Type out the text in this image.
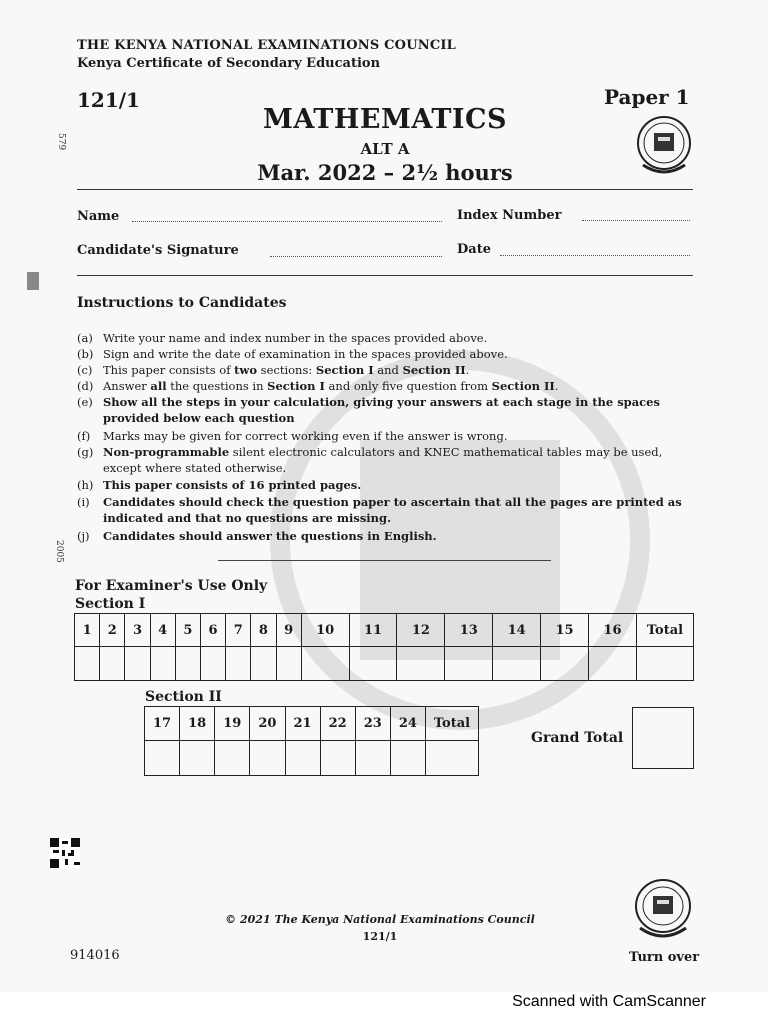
THE KENYA NATIONAL EXAMINATIONS COUNCIL
Kenya Certificate of Secondary Education
121/1	Paper 1
MATHEMATICS
ALT A
Mar. 2022 – 2½ hours
579
2005
Name	Index Number
Candidate's Signature	Date
Instructions to Candidates
(a) Write your name and index number in the spaces provided above.
(b) Sign and write the date of examination in the spaces provided above.
(c) This paper consists of two sections: Section I and Section II.
(d) Answer all the questions in Section I and only five question from Section II.
(e) Show all the steps in your calculation, giving your answers at each stage in the spaces provided below each question
(f) Marks may be given for correct working even if the answer is wrong.
(g) Non-programmable silent electronic calculators and KNEC mathematical tables may be used, except where stated otherwise.
(h) This paper consists of 16 printed pages.
(i) Candidates should check the question paper to ascertain that all the pages are printed as indicated and that no questions are missing.
(j) Candidates should answer the questions in English.
For Examiner's Use Only
Section I
1	2	3	4	5	6	7	8	9	10	11	12	13	14	15	16	Total

Section II
17	18	19	20	21	22	23	24	Total

Grand Total
© 2021 The Kenya National Examinations Council
121/1
914016	Turn over
Scanned with CamScanner
